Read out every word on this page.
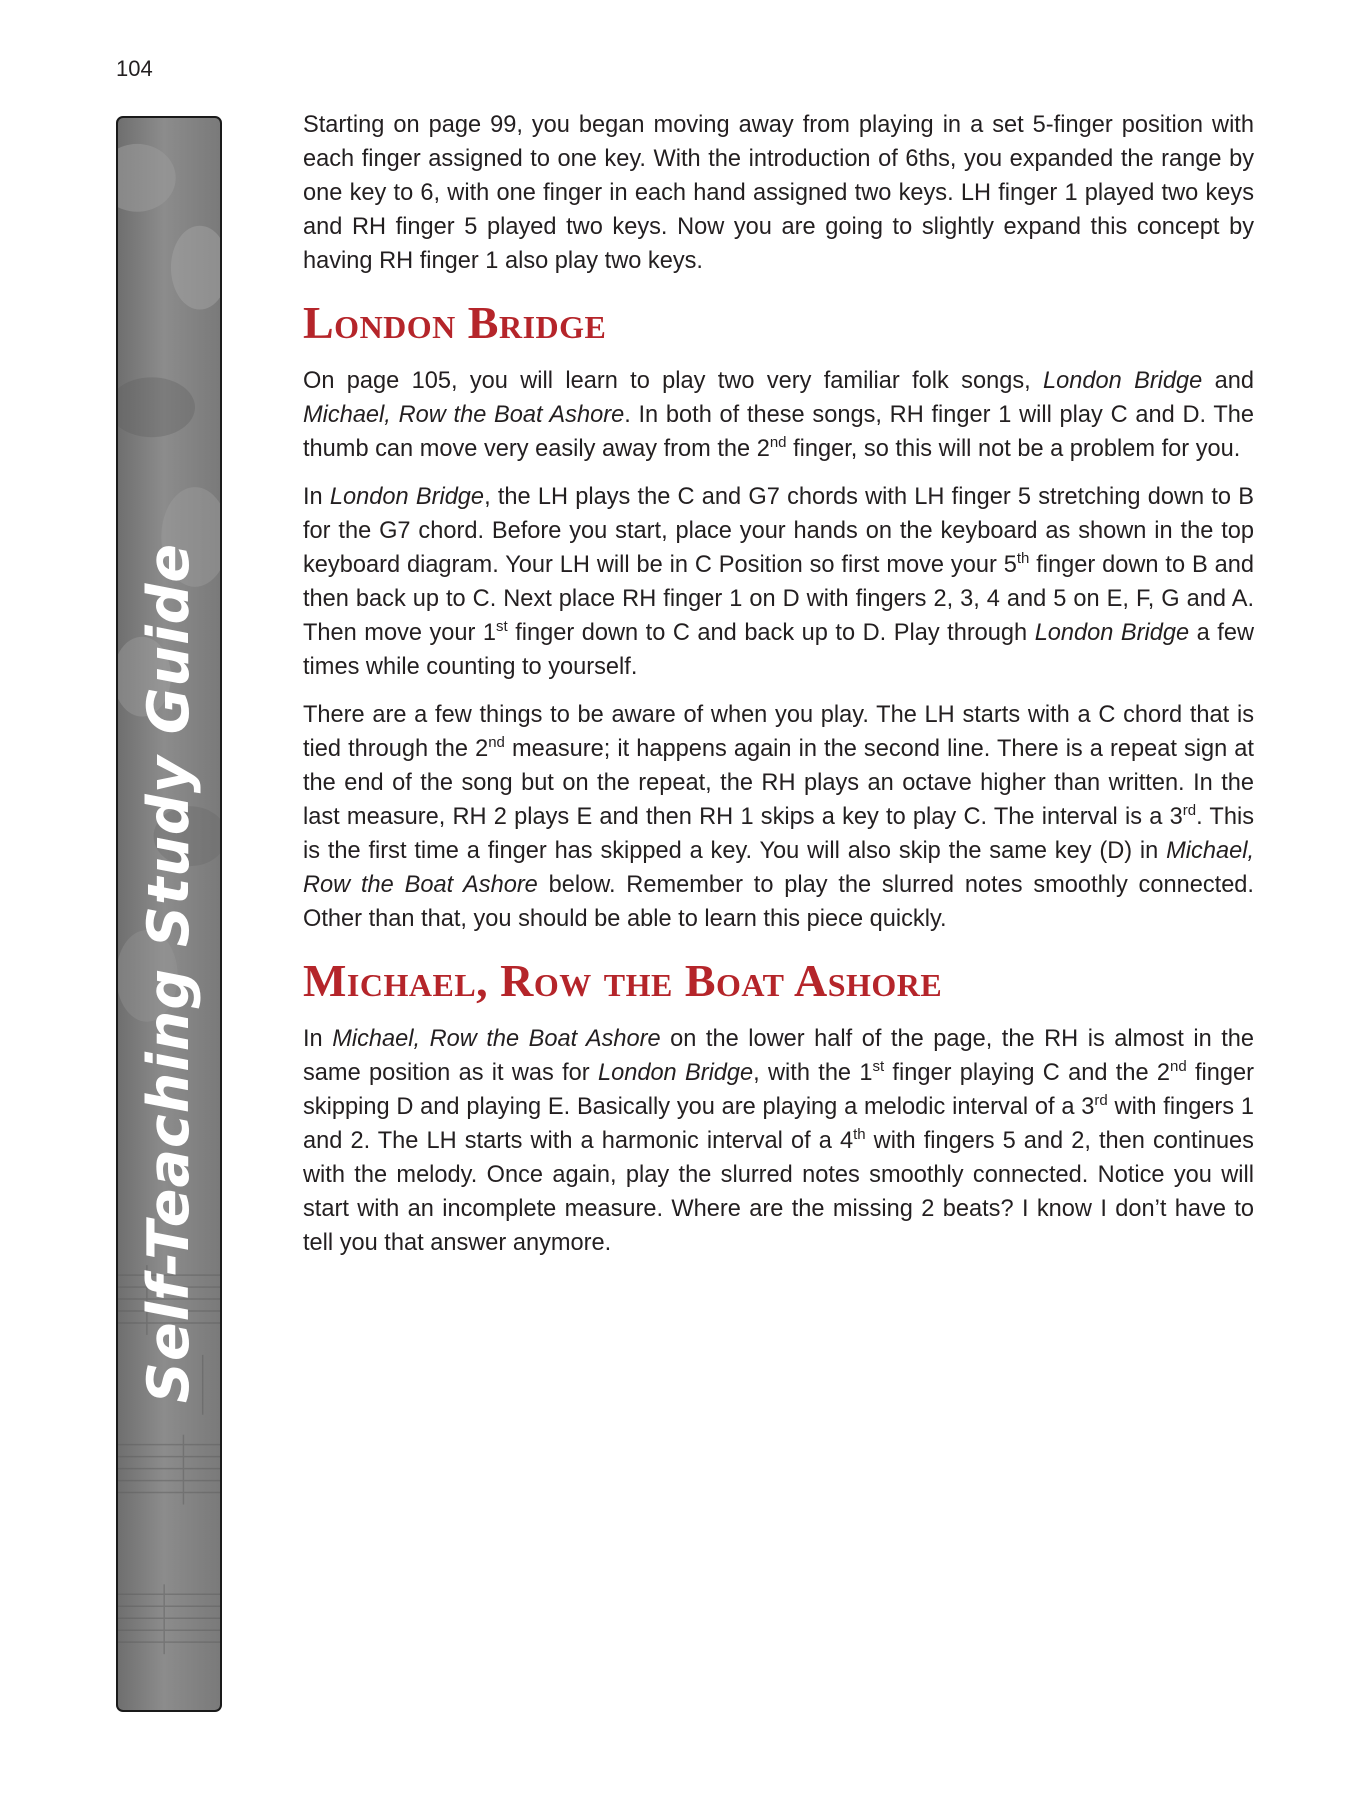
104
Self-Teaching Study Guide

Starting on page 99, you began moving away from playing in a set 5-finger position with each finger assigned to one key. With the introduction of 6ths, you expanded the range by one key to 6, with one finger in each hand assigned two keys. LH finger 1 played two keys and RH finger 5 played two keys. Now you are going to slightly expand this concept by having RH finger 1 also play two keys.

London Bridge

On page 105, you will learn to play two very familiar folk songs, London Bridge and Michael, Row the Boat Ashore. In both of these songs, RH finger 1 will play C and D. The thumb can move very easily away from the 2nd finger, so this will not be a problem for you.

In London Bridge, the LH plays the C and G7 chords with LH finger 5 stretching down to B for the G7 chord. Before you start, place your hands on the keyboard as shown in the top keyboard diagram. Your LH will be in C Position so first move your 5th finger down to B and then back up to C. Next place RH finger 1 on D with fingers 2, 3, 4 and 5 on E, F, G and A. Then move your 1st finger down to C and back up to D. Play through London Bridge a few times while counting to yourself.

There are a few things to be aware of when you play. The LH starts with a C chord that is tied through the 2nd measure; it happens again in the second line. There is a repeat sign at the end of the song but on the repeat, the RH plays an octave higher than written. In the last measure, RH 2 plays E and then RH 1 skips a key to play C. The interval is a 3rd. This is the first time a finger has skipped a key. You will also skip the same key (D) in Michael, Row the Boat Ashore below. Remember to play the slurred notes smoothly connected. Other than that, you should be able to learn this piece quickly.

Michael, Row the Boat Ashore

In Michael, Row the Boat Ashore on the lower half of the page, the RH is almost in the same position as it was for London Bridge, with the 1st finger playing C and the 2nd finger skipping D and playing E. Basically you are playing a melodic interval of a 3rd with fingers 1 and 2. The LH starts with a harmonic interval of a 4th with fingers 5 and 2, then continues with the melody. Once again, play the slurred notes smoothly connected. Notice you will start with an incomplete measure. Where are the missing 2 beats? I know I don’t have to tell you that answer anymore.
